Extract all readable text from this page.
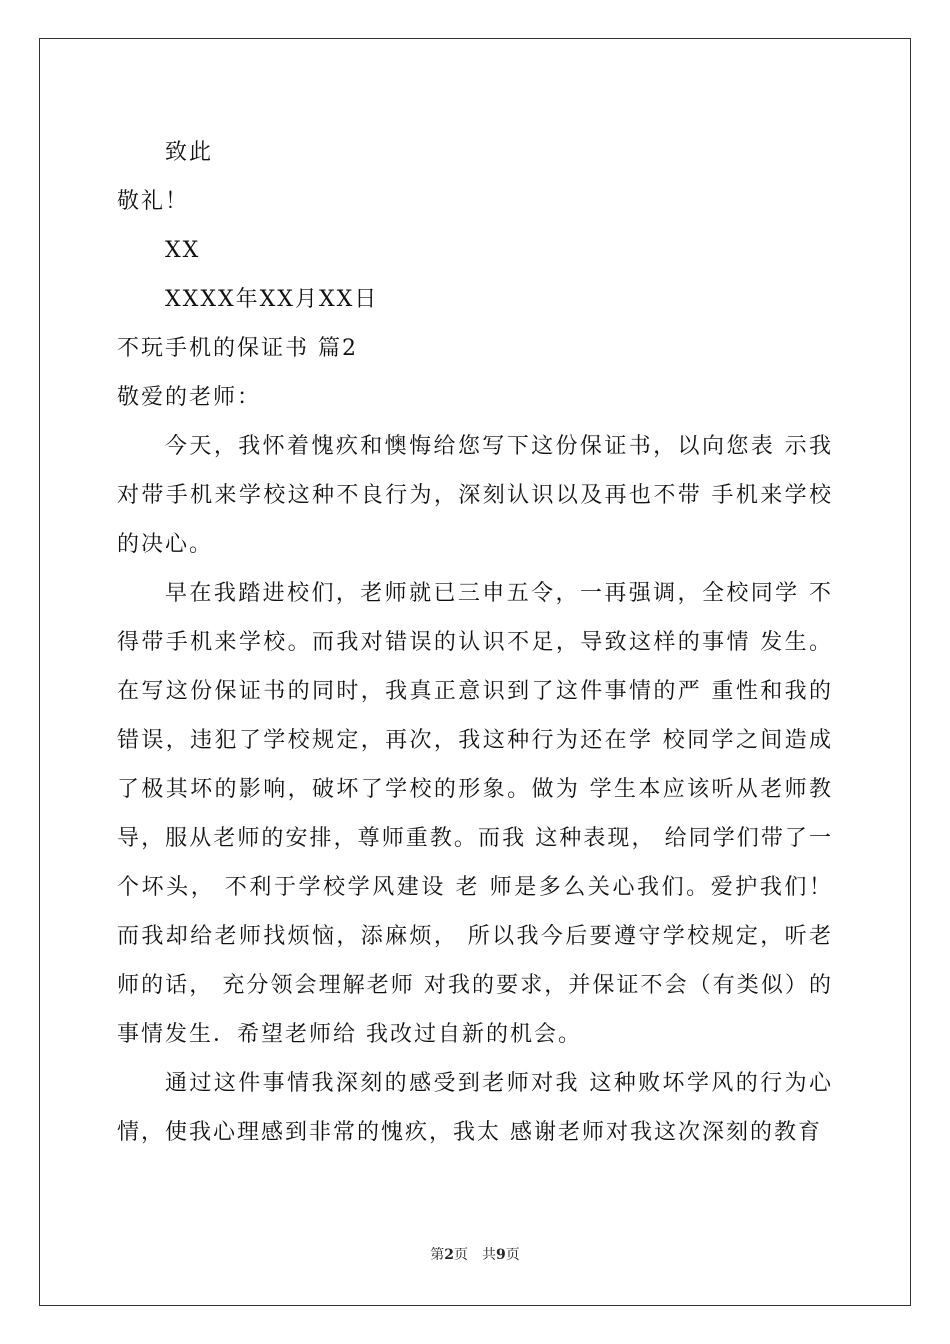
致此
敬礼！
XX
XXXX年XX月XX日
不玩手机的保证书 篇2
敬爱的老师：

今天，我怀着愧疚和懊悔给您写下这份保证书，以向您表 示我对带手机来学校这种不良行为，深刻认识以及再也不带 手机来学校的决心。

早在我踏进校们，老师就已三申五令，一再强调，全校同学 不得带手机来学校。而我对错误的认识不足，导致这样的事情 发生。在写这份保证书的同时，我真正意识到了这件事情的严 重性和我的错误，违犯了学校规定，再次，我这种行为还在学 校同学之间造成了极其坏的影响，破坏了学校的形象。做为 学生本应该听从老师教导，服从老师的安排，尊师重教。而我 这种表现， 给同学们带了一个坏头， 不利于学校学风建设 老 师是多么关心我们。爱护我们！而我却给老师找烦恼，添麻烦， 所以我今后要遵守学校规定，听老师的话， 充分领会理解老师 对我的要求，并保证不会（有类似）的事情发生．希望老师给 我改过自新的机会。

通过这件事情我深刻的感受到老师对我 这种败坏学风的行为心情，使我心理感到非常的愧疚，我太 感谢老师对我这次深刻的教育

第2页　共9页
